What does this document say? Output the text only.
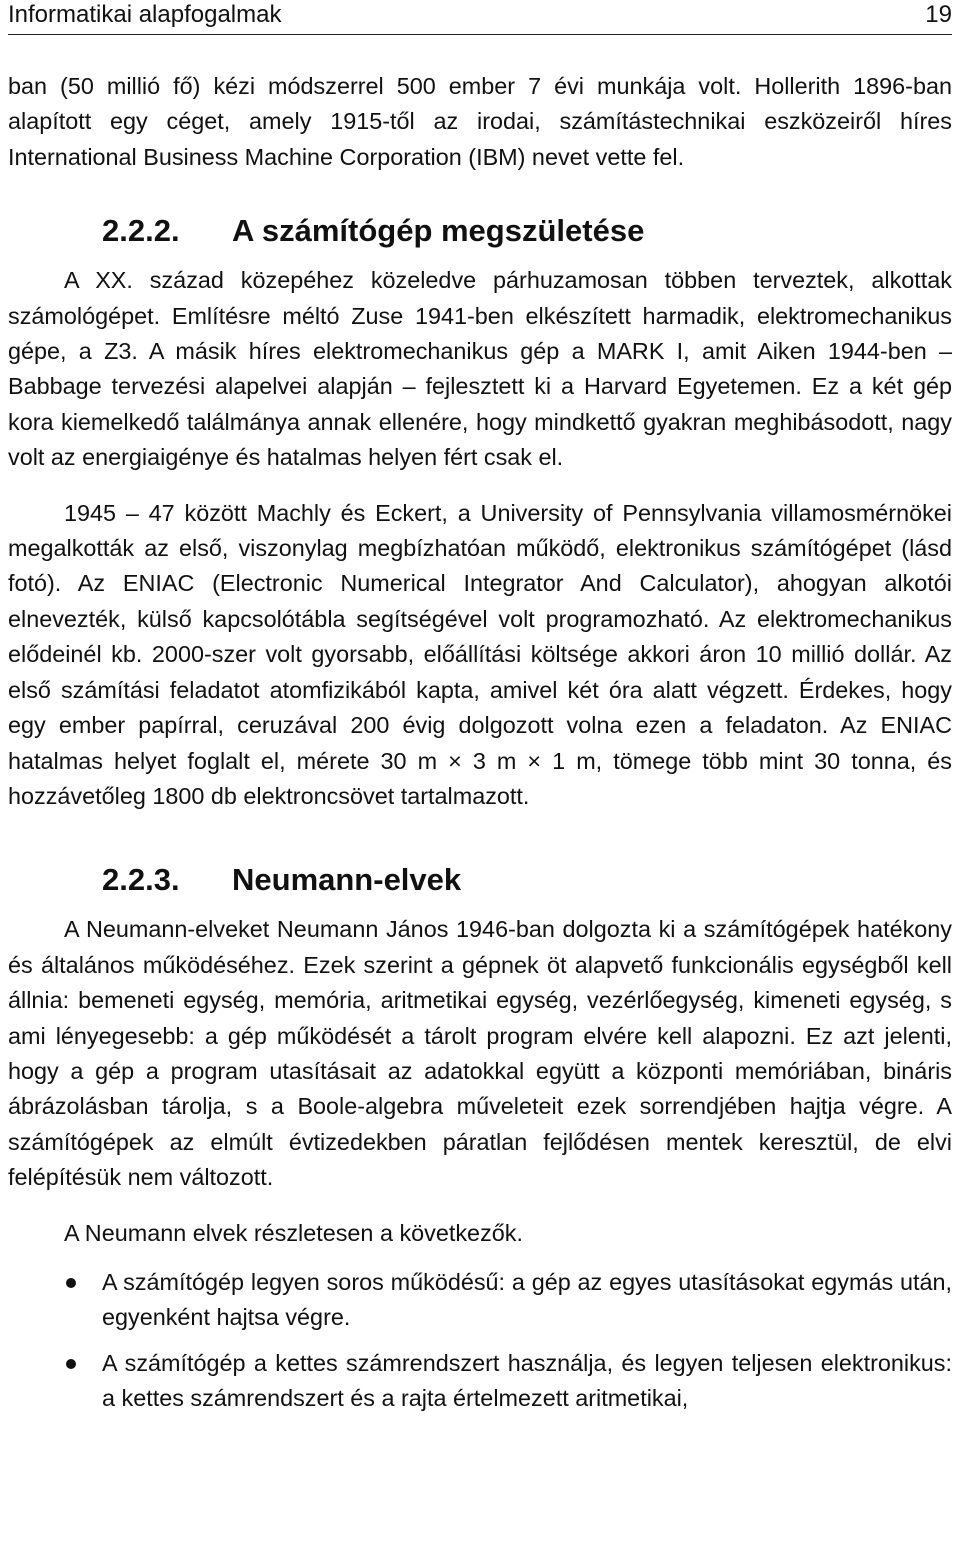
Informatikai alapfogalmak	19

ban (50 millió fő) kézi módszerrel 500 ember 7 évi munkája volt. Hollerith 1896-ban alapított egy céget, amely 1915-től az irodai, számítástechnikai eszközeiről híres International Business Machine Corporation (IBM) nevet vette fel.

2.2.2.	A számítógép megszületése

A XX. század közepéhez közeledve párhuzamosan többen terveztek, alkottak számológépet. Említésre méltó Zuse 1941-ben elkészített harmadik, elektromechanikus gépe, a Z3. A másik híres elektromechanikus gép a MARK I, amit Aiken 1944-ben – Babbage tervezési alapelvei alapján – fejlesztett ki a Harvard Egyetemen. Ez a két gép kora kiemelkedő találmánya annak ellenére, hogy mindkettő gyakran meghibásodott, nagy volt az energiaigénye és hatalmas helyen fért csak el.

1945 – 47 között Machly és Eckert, a University of Pennsylvania villamosmérnökei megalkották az első, viszonylag megbízhatóan működő, elektronikus számítógépet (lásd fotó). Az ENIAC (Electronic Numerical Integrator And Calculator), ahogyan alkotói elnevezték, külső kapcsolótábla segítségével volt programozható. Az elektromechanikus elődeinél kb. 2000-szer volt gyorsabb, előállítási költsége akkori áron 10 millió dollár. Az első számítási feladatot atomfizikából kapta, amivel két óra alatt végzett. Érdekes, hogy egy ember papírral, ceruzával 200 évig dolgozott volna ezen a feladaton. Az ENIAC hatalmas helyet foglalt el, mérete 30 m × 3 m × 1 m, tömege több mint 30 tonna, és hozzávetőleg 1800 db elektroncsövet tartalmazott.

2.2.3.	Neumann-elvek

A Neumann-elveket Neumann János 1946-ban dolgozta ki a számítógépek hatékony és általános működéséhez. Ezek szerint a gépnek öt alapvető funkcionális egységből kell állnia: bemeneti egység, memória, aritmetikai egység, vezérlőegység, kimeneti egység, s ami lényegesebb: a gép működését a tárolt program elvére kell alapozni. Ez azt jelenti, hogy a gép a program utasításait az adatokkal együtt a központi memóriában, bináris ábrázolásban tárolja, s a Boole-algebra műveleteit ezek sorrendjében hajtja végre. A számítógépek az elmúlt évtizedekben páratlan fejlődésen mentek keresztül, de elvi felépítésük nem változott.

A Neumann elvek részletesen a következők.

A számítógép legyen soros működésű: a gép az egyes utasításokat egymás után, egyenként hajtsa végre.
A számítógép a kettes számrendszert használja, és legyen teljesen elektronikus: a kettes számrendszert és a rajta értelmezett aritmetikai,
